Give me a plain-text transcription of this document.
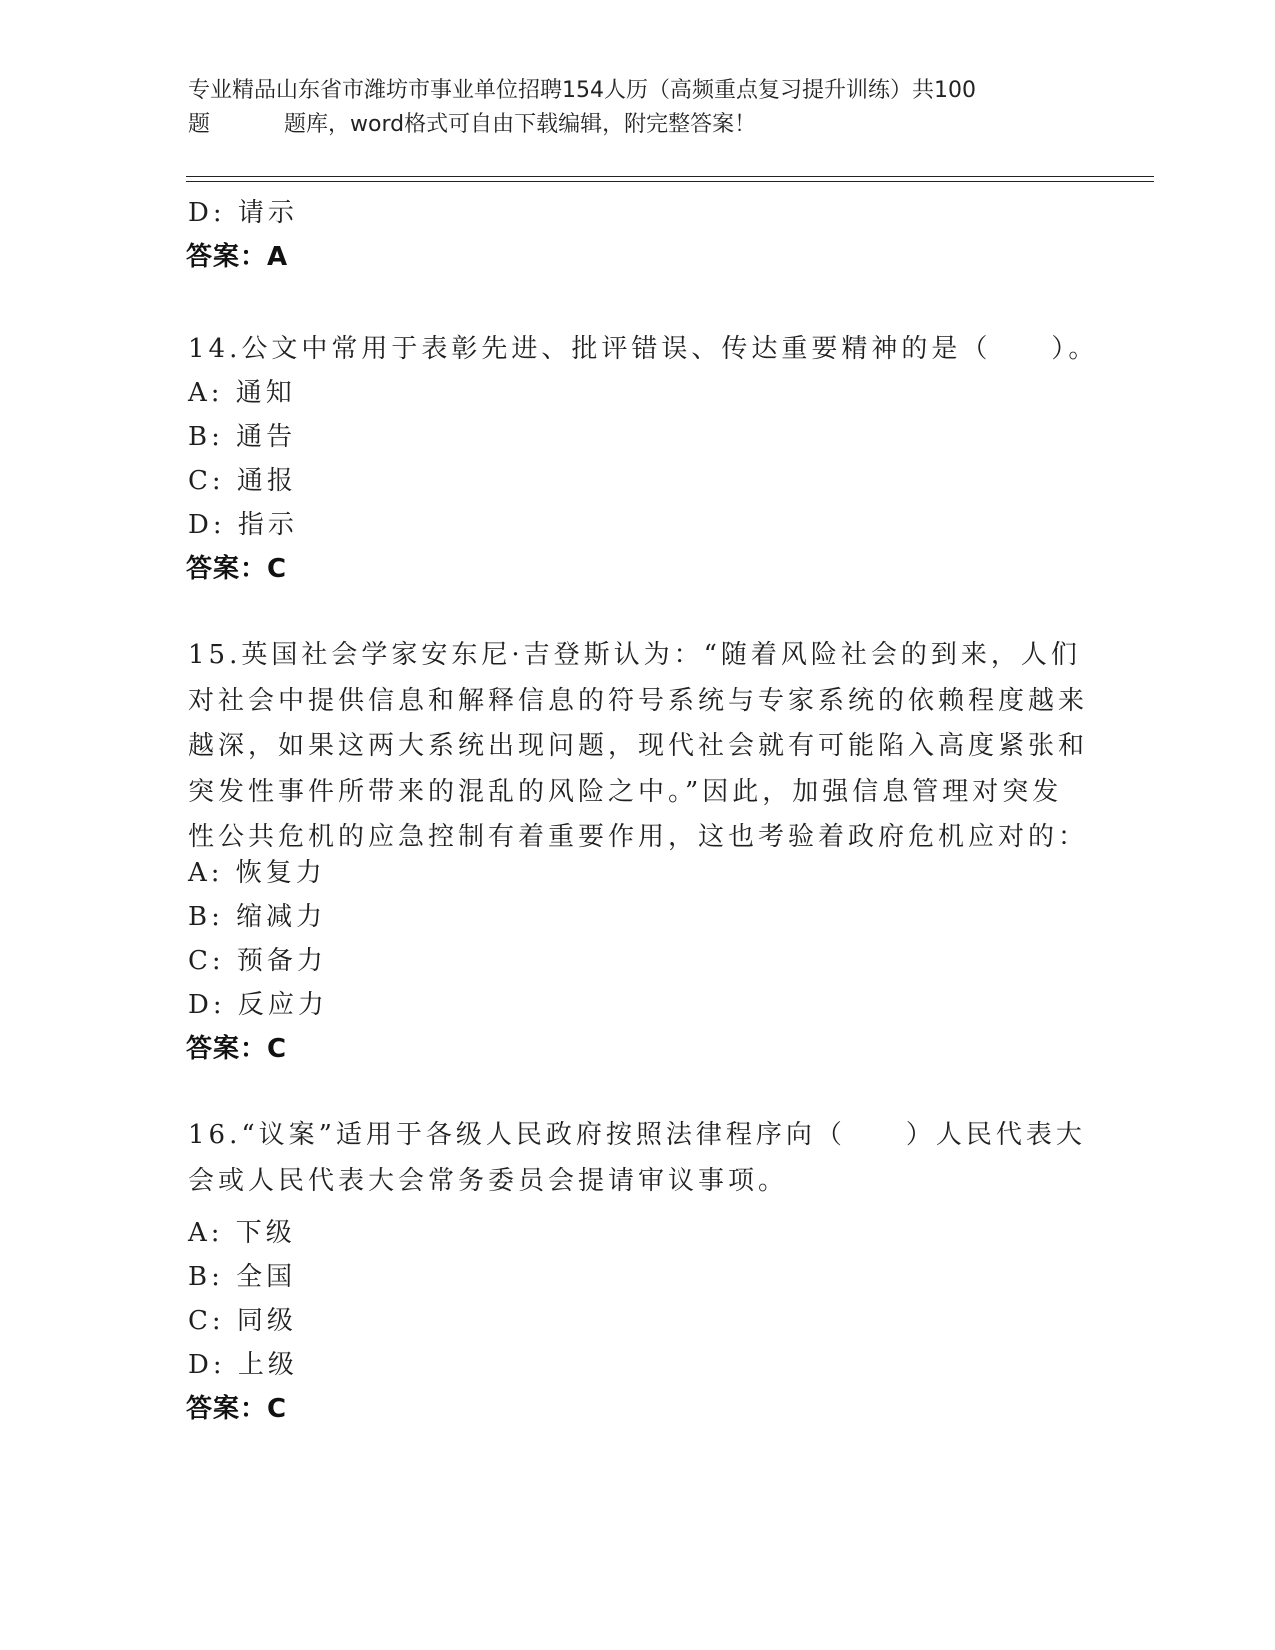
专业精品山东省市潍坊市事业单位招聘154人历（高频重点复习提升训练）共100
题	题库，word格式可自由下载编辑，附完整答案！
D: 请示
答案：A
14.公文中常用于表彰先进、批评错误、传达重要精神的是（　　）。
A: 通知
B: 通告
C: 通报
D: 指示
答案：C
15.英国社会学家安东尼·吉登斯认为：“随着风险社会的到来，人们
对社会中提供信息和解释信息的符号系统与专家系统的依赖程度越来
越深，如果这两大系统出现问题，现代社会就有可能陷入高度紧张和
突发性事件所带来的混乱的风险之中。”因此，加强信息管理对突发
性公共危机的应急控制有着重要作用，这也考验着政府危机应对的：
A: 恢复力
B: 缩减力
C: 预备力
D: 反应力
答案：C
16.“议案”适用于各级人民政府按照法律程序向（　　）人民代表大
会或人民代表大会常务委员会提请审议事项。
A: 下级
B: 全国
C: 同级
D: 上级
答案：C
